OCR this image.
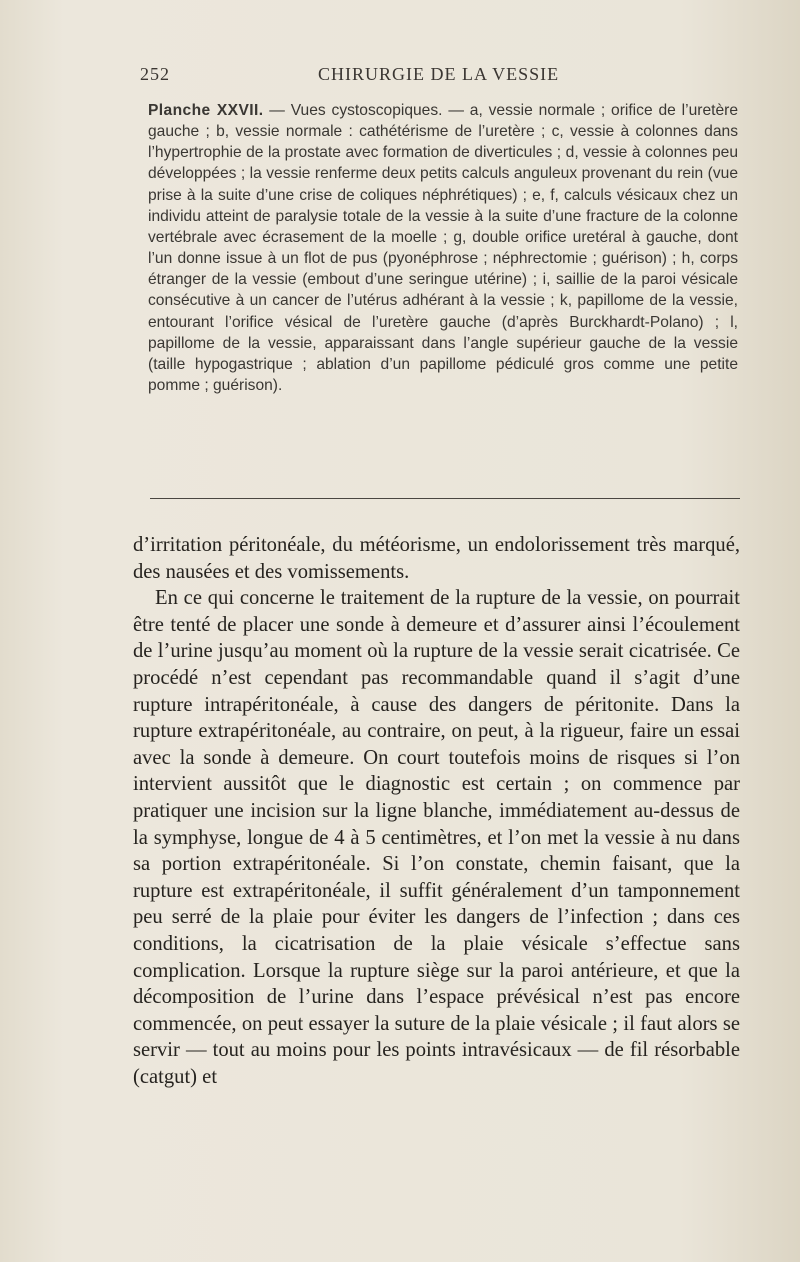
252	CHIRURGIE DE LA VESSIE
Planche XXVII. — Vues cystoscopiques. — a, vessie normale ; orifice de l’uretère gauche ; b, vessie normale : cathétérisme de l’uretère ; c, vessie à colonnes dans l’hypertrophie de la prostate avec formation de diverticules ; d, vessie à colonnes peu développées ; la vessie renferme deux petits calculs anguleux provenant du rein (vue prise à la suite d’une crise de coliques néphrétiques) ; e, f, calculs vésicaux chez un individu atteint de paralysie totale de la vessie à la suite d’une fracture de la colonne vertébrale avec écrasement de la moelle ; g, double orifice uretéral à gauche, dont l’un donne issue à un flot de pus (pyonéphrose ; néphrectomie ; guérison) ; h, corps étranger de la vessie (embout d’une seringue utérine) ; i, saillie de la paroi vésicale consécutive à un cancer de l’utérus adhérant à la vessie ; k, papillome de la vessie, entourant l’orifice vésical de l’uretère gauche (d’après Burckhardt-Polano) ; l, papillome de la vessie, apparaissant dans l’angle supérieur gauche de la vessie (taille hypogastrique ; ablation d’un papillome pédiculé gros comme une petite pomme ; guérison).

d’irritation péritonéale, du météorisme, un endolorissement très marqué, des nausées et des vomissements.

En ce qui concerne le traitement de la rupture de la vessie, on pourrait être tenté de placer une sonde à demeure et d’assurer ainsi l’écoulement de l’urine jusqu’au moment où la rupture de la vessie serait cicatrisée. Ce procédé n’est cependant pas recommandable quand il s’agit d’une rupture intrapéritonéale, à cause des dangers de péritonite. Dans la rupture extrapéritonéale, au contraire, on peut, à la rigueur, faire un essai avec la sonde à demeure. On court toutefois moins de risques si l’on intervient aussitôt que le diagnostic est certain ; on commence par pratiquer une incision sur la ligne blanche, immédiatement au-dessus de la symphyse, longue de 4 à 5 centimètres, et l’on met la vessie à nu dans sa portion extrapéritonéale. Si l’on constate, chemin faisant, que la rupture est extrapéritonéale, il suffit généralement d’un tamponnement peu serré de la plaie pour éviter les dangers de l’infection ; dans ces conditions, la cicatrisation de la plaie vésicale s’effectue sans complication. Lorsque la rupture siège sur la paroi antérieure, et que la décomposition de l’urine dans l’espace prévésical n’est pas encore commencée, on peut essayer la suture de la plaie vésicale ; il faut alors se servir — tout au moins pour les points intravésicaux — de fil résorbable (catgut) et
